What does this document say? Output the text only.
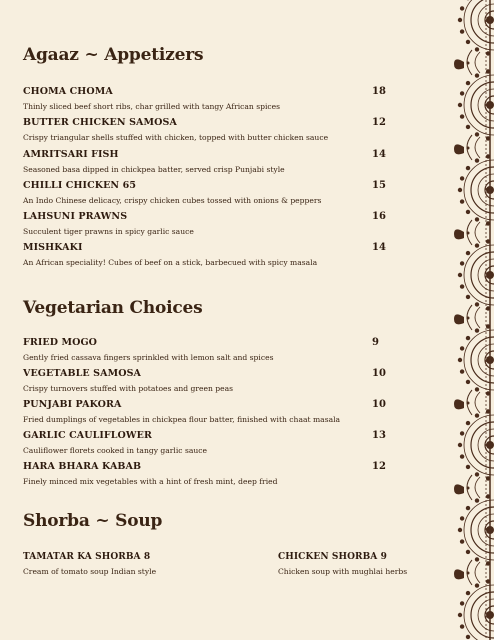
Agaaz ~ Appetizers
CHOMA CHOMA	18
Thinly sliced beef short ribs, char grilled with tangy African spices
BUTTER CHICKEN SAMOSA	12
Crispy triangular shells stuffed with chicken, topped with butter chicken sauce
AMRITSARI FISH	14
Seasoned basa dipped in chickpea batter, served crisp Punjabi style
CHILLI CHICKEN 65	15
An Indo Chinese delicacy, crispy chicken cubes tossed with onions & peppers
LAHSUNI PRAWNS	16
Succulent tiger prawns in spicy garlic sauce
MISHKAKI	14
An African speciality! Cubes of beef on a stick, barbecued with spicy masala
Vegetarian Choices
FRIED MOGO	9
Gently fried cassava fingers sprinkled with lemon salt and spices
VEGETABLE SAMOSA	10
Crispy turnovers stuffed with potatoes and green peas
PUNJABI PAKORA	10
Fried dumplings of vegetables in chickpea flour batter, finished with chaat masala
GARLIC CAULIFLOWER	13
Cauliflower florets cooked in tangy garlic sauce
HARA BHARA KABAB	12
Finely minced mix vegetables with a hint of fresh mint, deep fried
Shorba ~ Soup
TAMATAR KA SHORBA 8
Cream of tomato soup Indian style
CHICKEN SHORBA 9
Chicken soup with mughlai herbs
